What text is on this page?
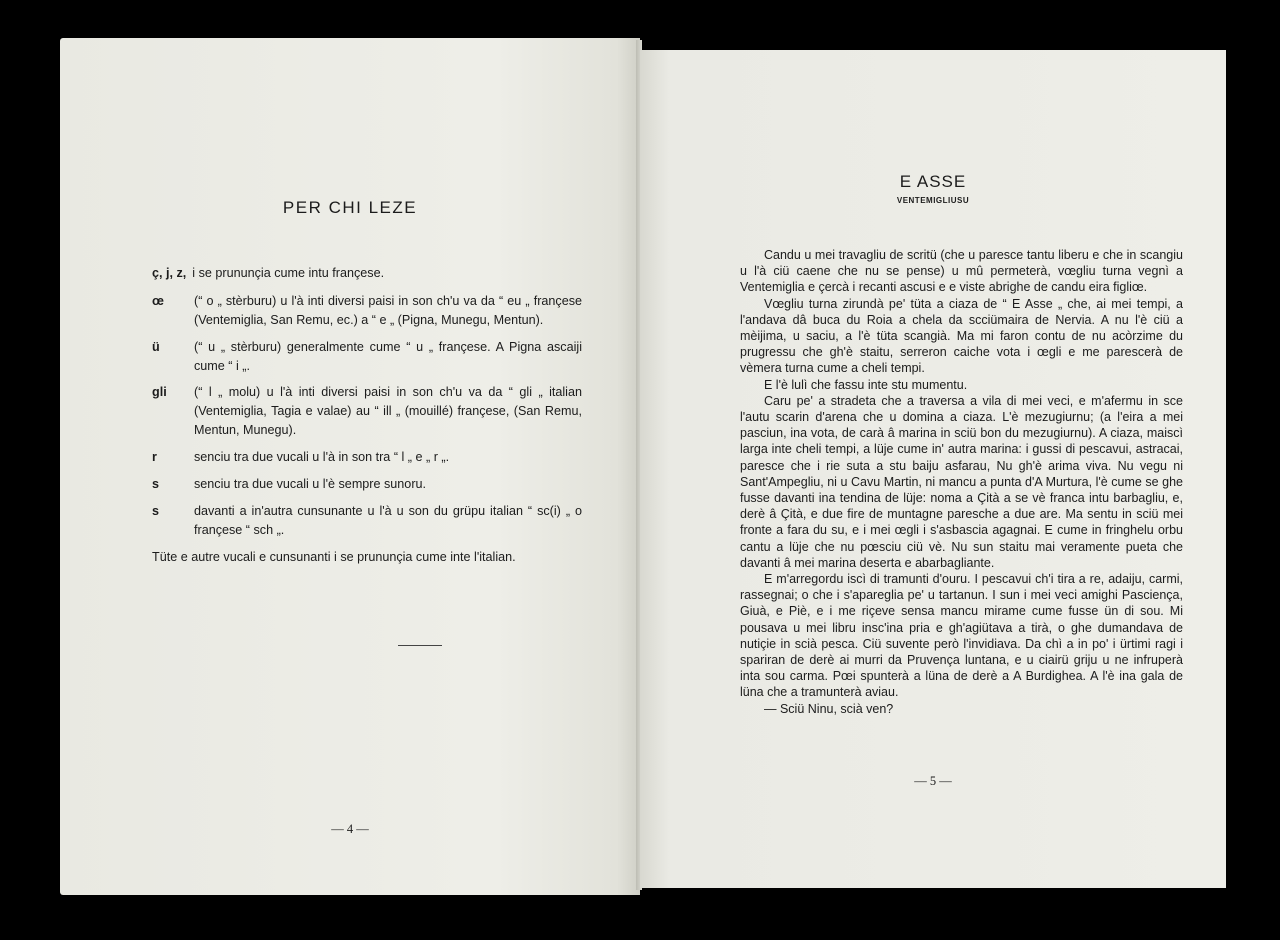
PER CHI LEZE
ç, j, z, i se prununçia cume intu françese.
œ	(“ o „ stèrburu) u l'à inti diversi paisi in son ch'u va da “ eu „ françese (Ventemiglia, San Remu, ec.) a “ e „ (Pigna, Munegu, Mentun).
ü	(“ u „ stèrburu) generalmente cume “ u „ françese. A Pigna ascaiji cume “ i „.
gli	(“ l „ molu) u l'à inti diversi paisi in son ch'u va da “ gli „ italian (Ventemiglia, Tagia e valae) au “ ill „ (mouillé) françese, (San Remu, Mentun, Munegu).
r	senciu tra due vucali u l'à in son tra “ l „ e „ r „.
s	senciu tra due vucali u l'è sempre sunoru.
s	davanti a in'autra cunsunante u l'à u son du grüpu italian “ sc(i) „ o françese “ sch „.
Tüte e autre vucali e cunsunanti i se prununçia cume inte l'italian.
— 4 —
E ASSE
VENTEMIGLIUSU

Candu u mei travagliu de scritü (che u paresce tantu liberu e che in scangiu u l'à ciü caene che nu se pense) u mû permeterà, vœgliu turna vegnì a Ventemiglia e çercà i recanti ascusi e e viste abrighe de candu eira figliœ.

Vœgliu turna zirundà pe' tüta a ciaza de “ E Asse „ che, ai mei tempi, a l'andava dâ buca du Roia a chela da scciümaira de Nervia. A nu l'è ciü a mèijima, u saciu, a l'è tüta scangià. Ma mi faron contu de nu acòrzime du prugressu che gh'è staitu, serreron caiche vota i œgli e me parescerà de vèmera turna cume a cheli tempi.

E l'è lulì che fassu inte stu mumentu.

Caru pe' a stradeta che a traversa a vila di mei veci, e m'afermu in sce l'autu scarin d'arena che u domina a ciaza. L'è mezugiurnu; (a l'eira a mei pasciun, ina vota, de carà â marina in sciü bon du mezugiurnu). A ciaza, maiscì larga inte cheli tempi, a lüje cume in' autra marina: i gussi di pescavui, astracai, paresce che i rie suta a stu baiju asfarau, Nu gh'è arima viva. Nu vegu ni Sant'Ampegliu, ni u Cavu Martin, ni mancu a punta d'A Murtura, l'è cume se ghe fusse davanti ina tendina de lüje: noma a Çità a se vè franca intu barbagliu, e, derè â Çità, e due fire de muntagne paresche a due are. Ma sentu in sciü mei fronte a fara du su, e i mei œgli i s'asbascia agagnai. E cume in fringhelu orbu cantu a lüje che nu pœsciu ciü vè. Nu sun staitu mai veramente pueta che davanti â mei marina deserta e abarbagliante.

E m'arregordu iscì di tramunti d'ouru. I pescavui ch'i tira a re, adaiju, carmi, rassegnai; o che i s'apareglia pe' u tartanun. I sun i mei veci amighi Pasciença, Giuà, e Piè, e i me riçeve sensa mancu mirame cume fusse ün di sou. Mi pousava u mei libru insc'ina pria e gh'agiütava a tirà, o ghe dumandava de nutiçie in scià pesca. Ciü suvente però l'invidiava. Da chì a in po' i ürtimi ragi i spariran de derè ai murri da Pruvença luntana, e u ciairü griju u ne infruperà inta sou carma. Pœi spunterà a lüna de derè a A Burdighea. A l'è ina gala de lüna che a tramunterà aviau.

— Sciü Ninu, scià ven?

— 5 —
